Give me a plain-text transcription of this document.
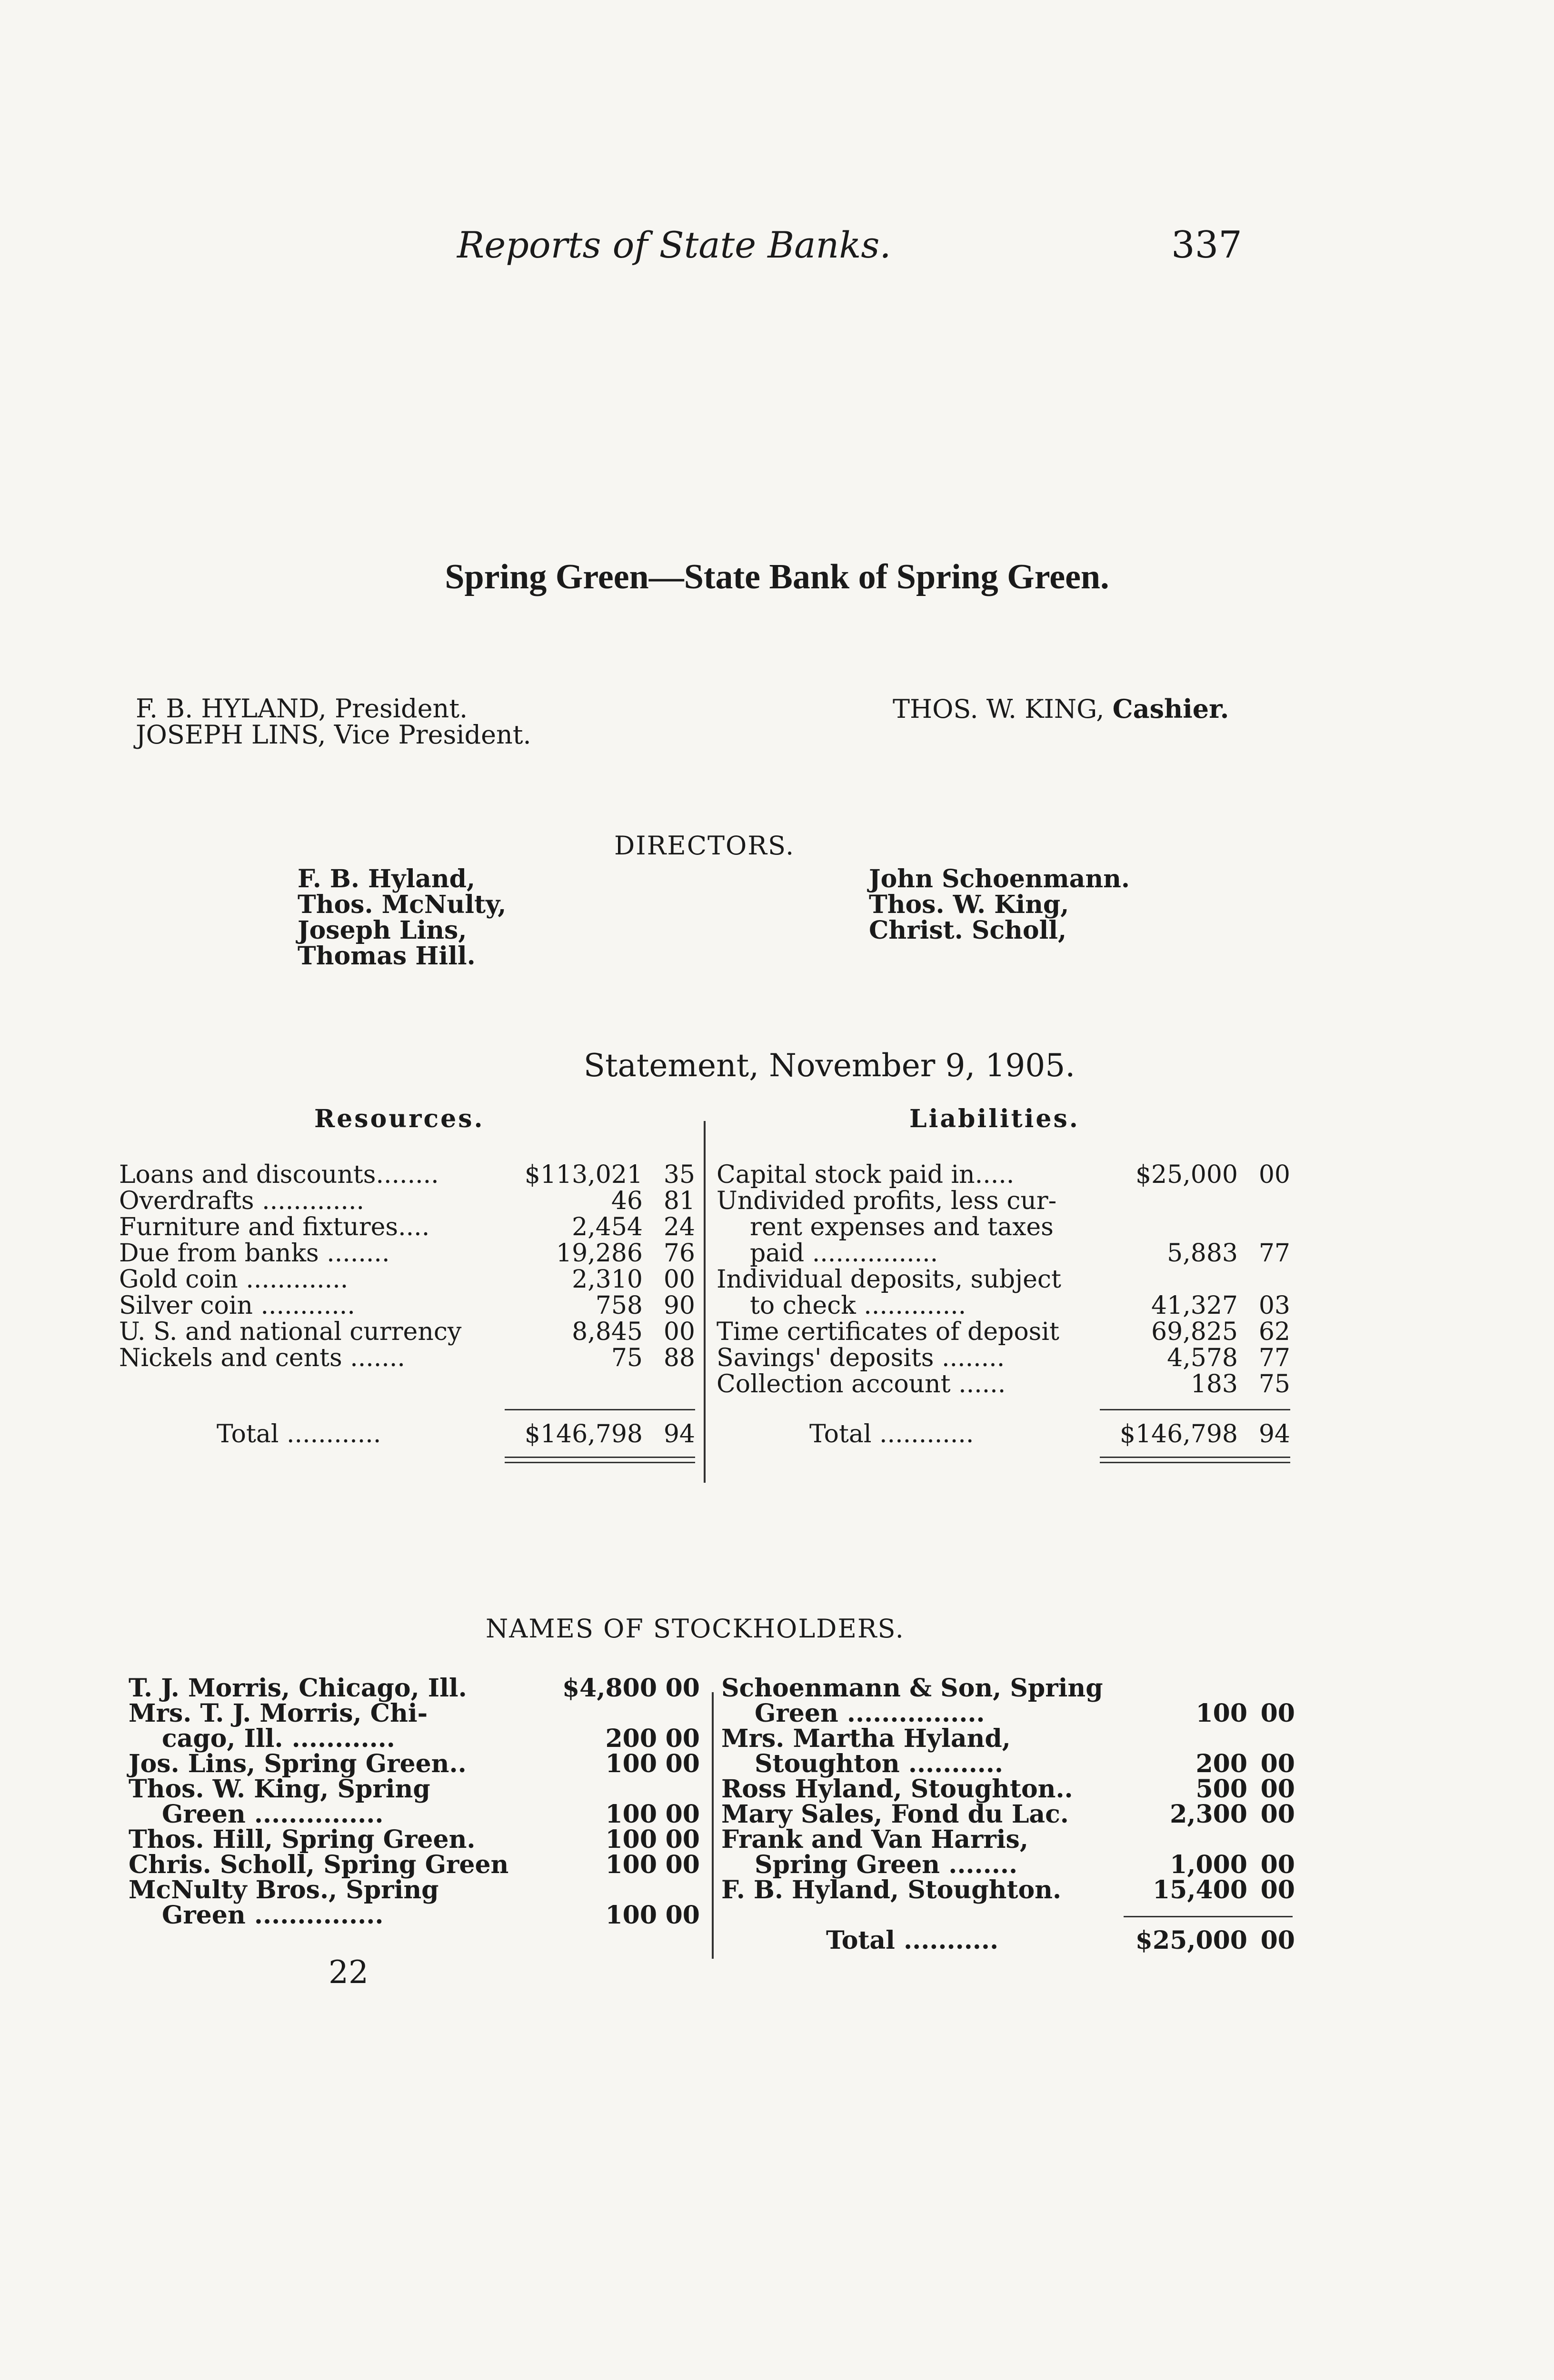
Reports of State Banks.	337
Spring Green—State Bank of Spring Green.
F. B. HYLAND, President.
JOSEPH LINS, Vice President.
THOS. W. KING, Cashier.
DIRECTORS.
F. B. Hyland,
Thos. McNulty,
Joseph Lins,
Thomas Hill.
John Schoenmann.
Thos. W. King,
Christ. Scholl,
Statement, November 9, 1905.
Resources.	Liabilities.
Loans and discounts........	$113,021 35
Overdrafts .............	46 81
Furniture and fixtures....	2,454 24
Due from banks ........	19,286 76
Gold coin .............	2,310 00
Silver coin ............	758 90
U. S. and national currency	8,845 00
Nickels and cents .......	75 88
Capital stock paid in.....	$25,000 00
Undivided profits, less cur-
rent expenses and taxes
paid ................	5,883 77
Individual deposits, subject
to check .............	41,327 03
Time certificates of deposit	69,825 62
Savings' deposits ........	4,578 77
Collection account ......	183 75
Total ............	$146,798 94	Total ............	$146,798 94
NAMES OF STOCKHOLDERS.
T. J. Morris, Chicago, Ill.	$4,800 00
Mrs. T. J. Morris, Chi-
cago, Ill. ............	200 00
Jos. Lins, Spring Green..	100 00
Thos. W. King, Spring
Green ...............	100 00
Thos. Hill, Spring Green.	100 00
Chris. Scholl, Spring Green	100 00
McNulty Bros., Spring
Green ...............	100 00
Schoenmann & Son, Spring
Green ................	100 00
Mrs. Martha Hyland,
Stoughton ...........	200 00
Ross Hyland, Stoughton..	500 00
Mary Sales, Fond du Lac.	2,300 00
Frank and Van Harris,
Spring Green ........	1,000 00
F. B. Hyland, Stoughton.	15,400 00
Total ...........	$25,000 00
22
